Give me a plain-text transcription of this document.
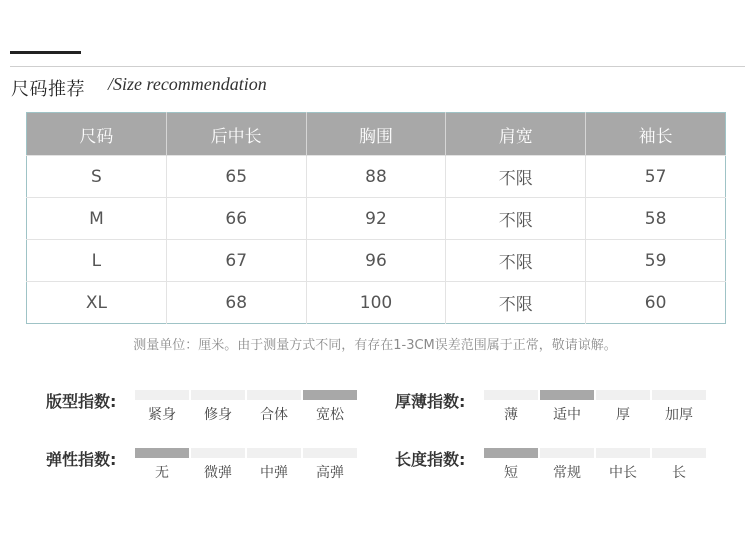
尺码推荐 /Size recommendation
尺码	后中长	胸围	肩宽	袖长
S	65	88	不限	57
M	66	92	不限	58
L	67	96	不限	59
XL	68	100	不限	60
测量单位：厘米。由于测量方式不同，有存在1-3CM误差范围属于正常，敬请谅解。
版型指数:
紧身	修身	合体	宽松
厚薄指数:
薄	适中	厚	加厚
弹性指数:
无	微弹	中弹	高弹
长度指数:
短	常规	中长	长
